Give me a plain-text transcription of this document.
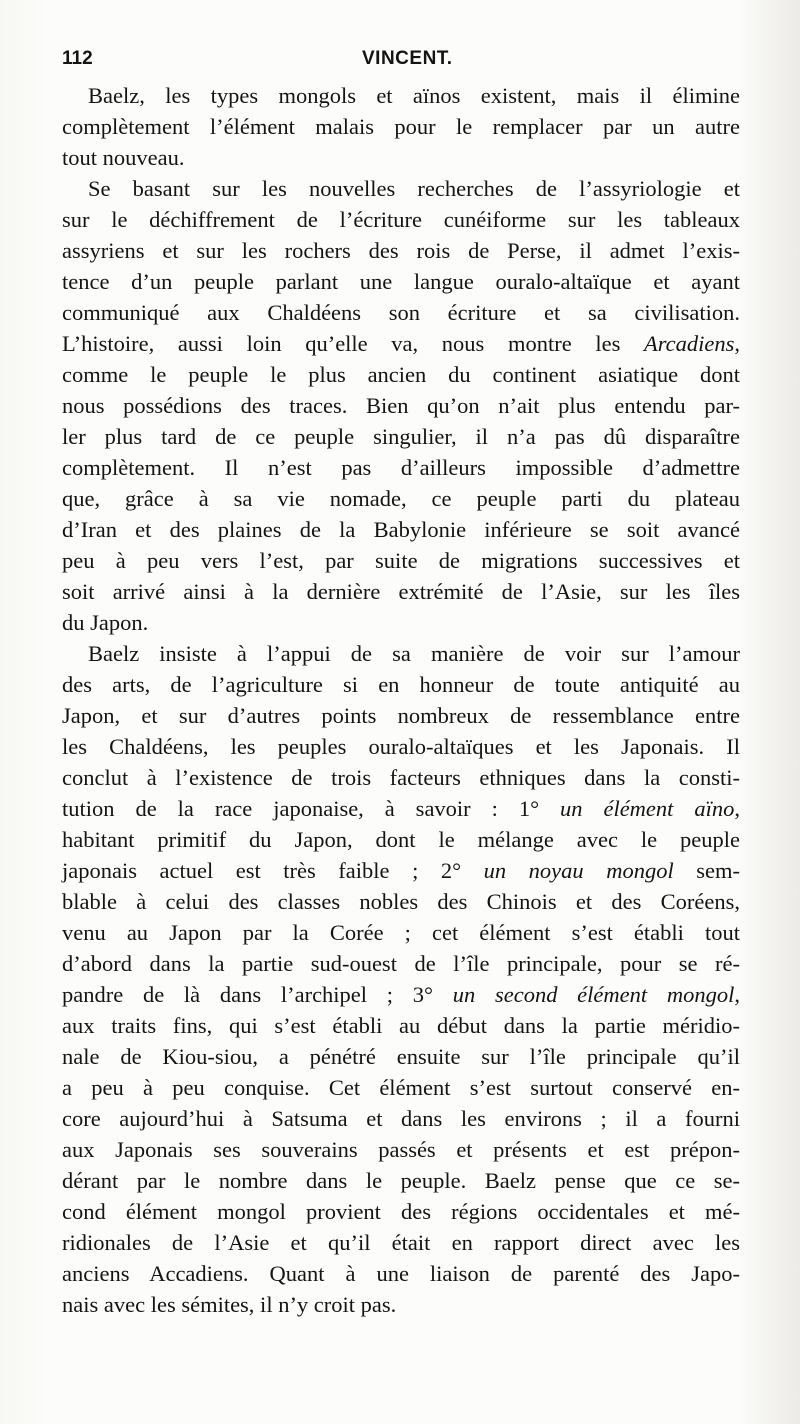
112	VINCENT.
Baelz, les types mongols et aïnos existent, mais il élimine
complètement l’élément malais pour le remplacer par un autre
tout nouveau.
Se basant sur les nouvelles recherches de l’assyriologie et
sur le déchiffrement de l’écriture cunéiforme sur les tableaux
assyriens et sur les rochers des rois de Perse, il admet l’exis-
tence d’un peuple parlant une langue ouralo-altaïque et ayant
communiqué aux Chaldéens son écriture et sa civilisation.
L’histoire, aussi loin qu’elle va, nous montre les Arcadiens,
comme le peuple le plus ancien du continent asiatique dont
nous possédions des traces. Bien qu’on n’ait plus entendu par-
ler plus tard de ce peuple singulier, il n’a pas dû disparaître
complètement. Il n’est pas d’ailleurs impossible d’admettre
que, grâce à sa vie nomade, ce peuple parti du plateau
d’Iran et des plaines de la Babylonie inférieure se soit avancé
peu à peu vers l’est, par suite de migrations successives et
soit arrivé ainsi à la dernière extrémité de l’Asie, sur les îles
du Japon.
Baelz insiste à l’appui de sa manière de voir sur l’amour
des arts, de l’agriculture si en honneur de toute antiquité au
Japon, et sur d’autres points nombreux de ressemblance entre
les Chaldéens, les peuples ouralo-altaïques et les Japonais. Il
conclut à l’existence de trois facteurs ethniques dans la consti-
tution de la race japonaise, à savoir : 1° un élément aïno,
habitant primitif du Japon, dont le mélange avec le peuple
japonais actuel est très faible ; 2° un noyau mongol sem-
blable à celui des classes nobles des Chinois et des Coréens,
venu au Japon par la Corée ; cet élément s’est établi tout
d’abord dans la partie sud-ouest de l’île principale, pour se ré-
pandre de là dans l’archipel ; 3° un second élément mongol,
aux traits fins, qui s’est établi au début dans la partie méridio-
nale de Kiou-siou, a pénétré ensuite sur l’île principale qu’il
a peu à peu conquise. Cet élément s’est surtout conservé en-
core aujourd’hui à Satsuma et dans les environs ; il a fourni
aux Japonais ses souverains passés et présents et est prépon-
dérant par le nombre dans le peuple. Baelz pense que ce se-
cond élément mongol provient des régions occidentales et mé-
ridionales de l’Asie et qu’il était en rapport direct avec les
anciens Accadiens. Quant à une liaison de parenté des Japo-
nais avec les sémites, il n’y croit pas.
